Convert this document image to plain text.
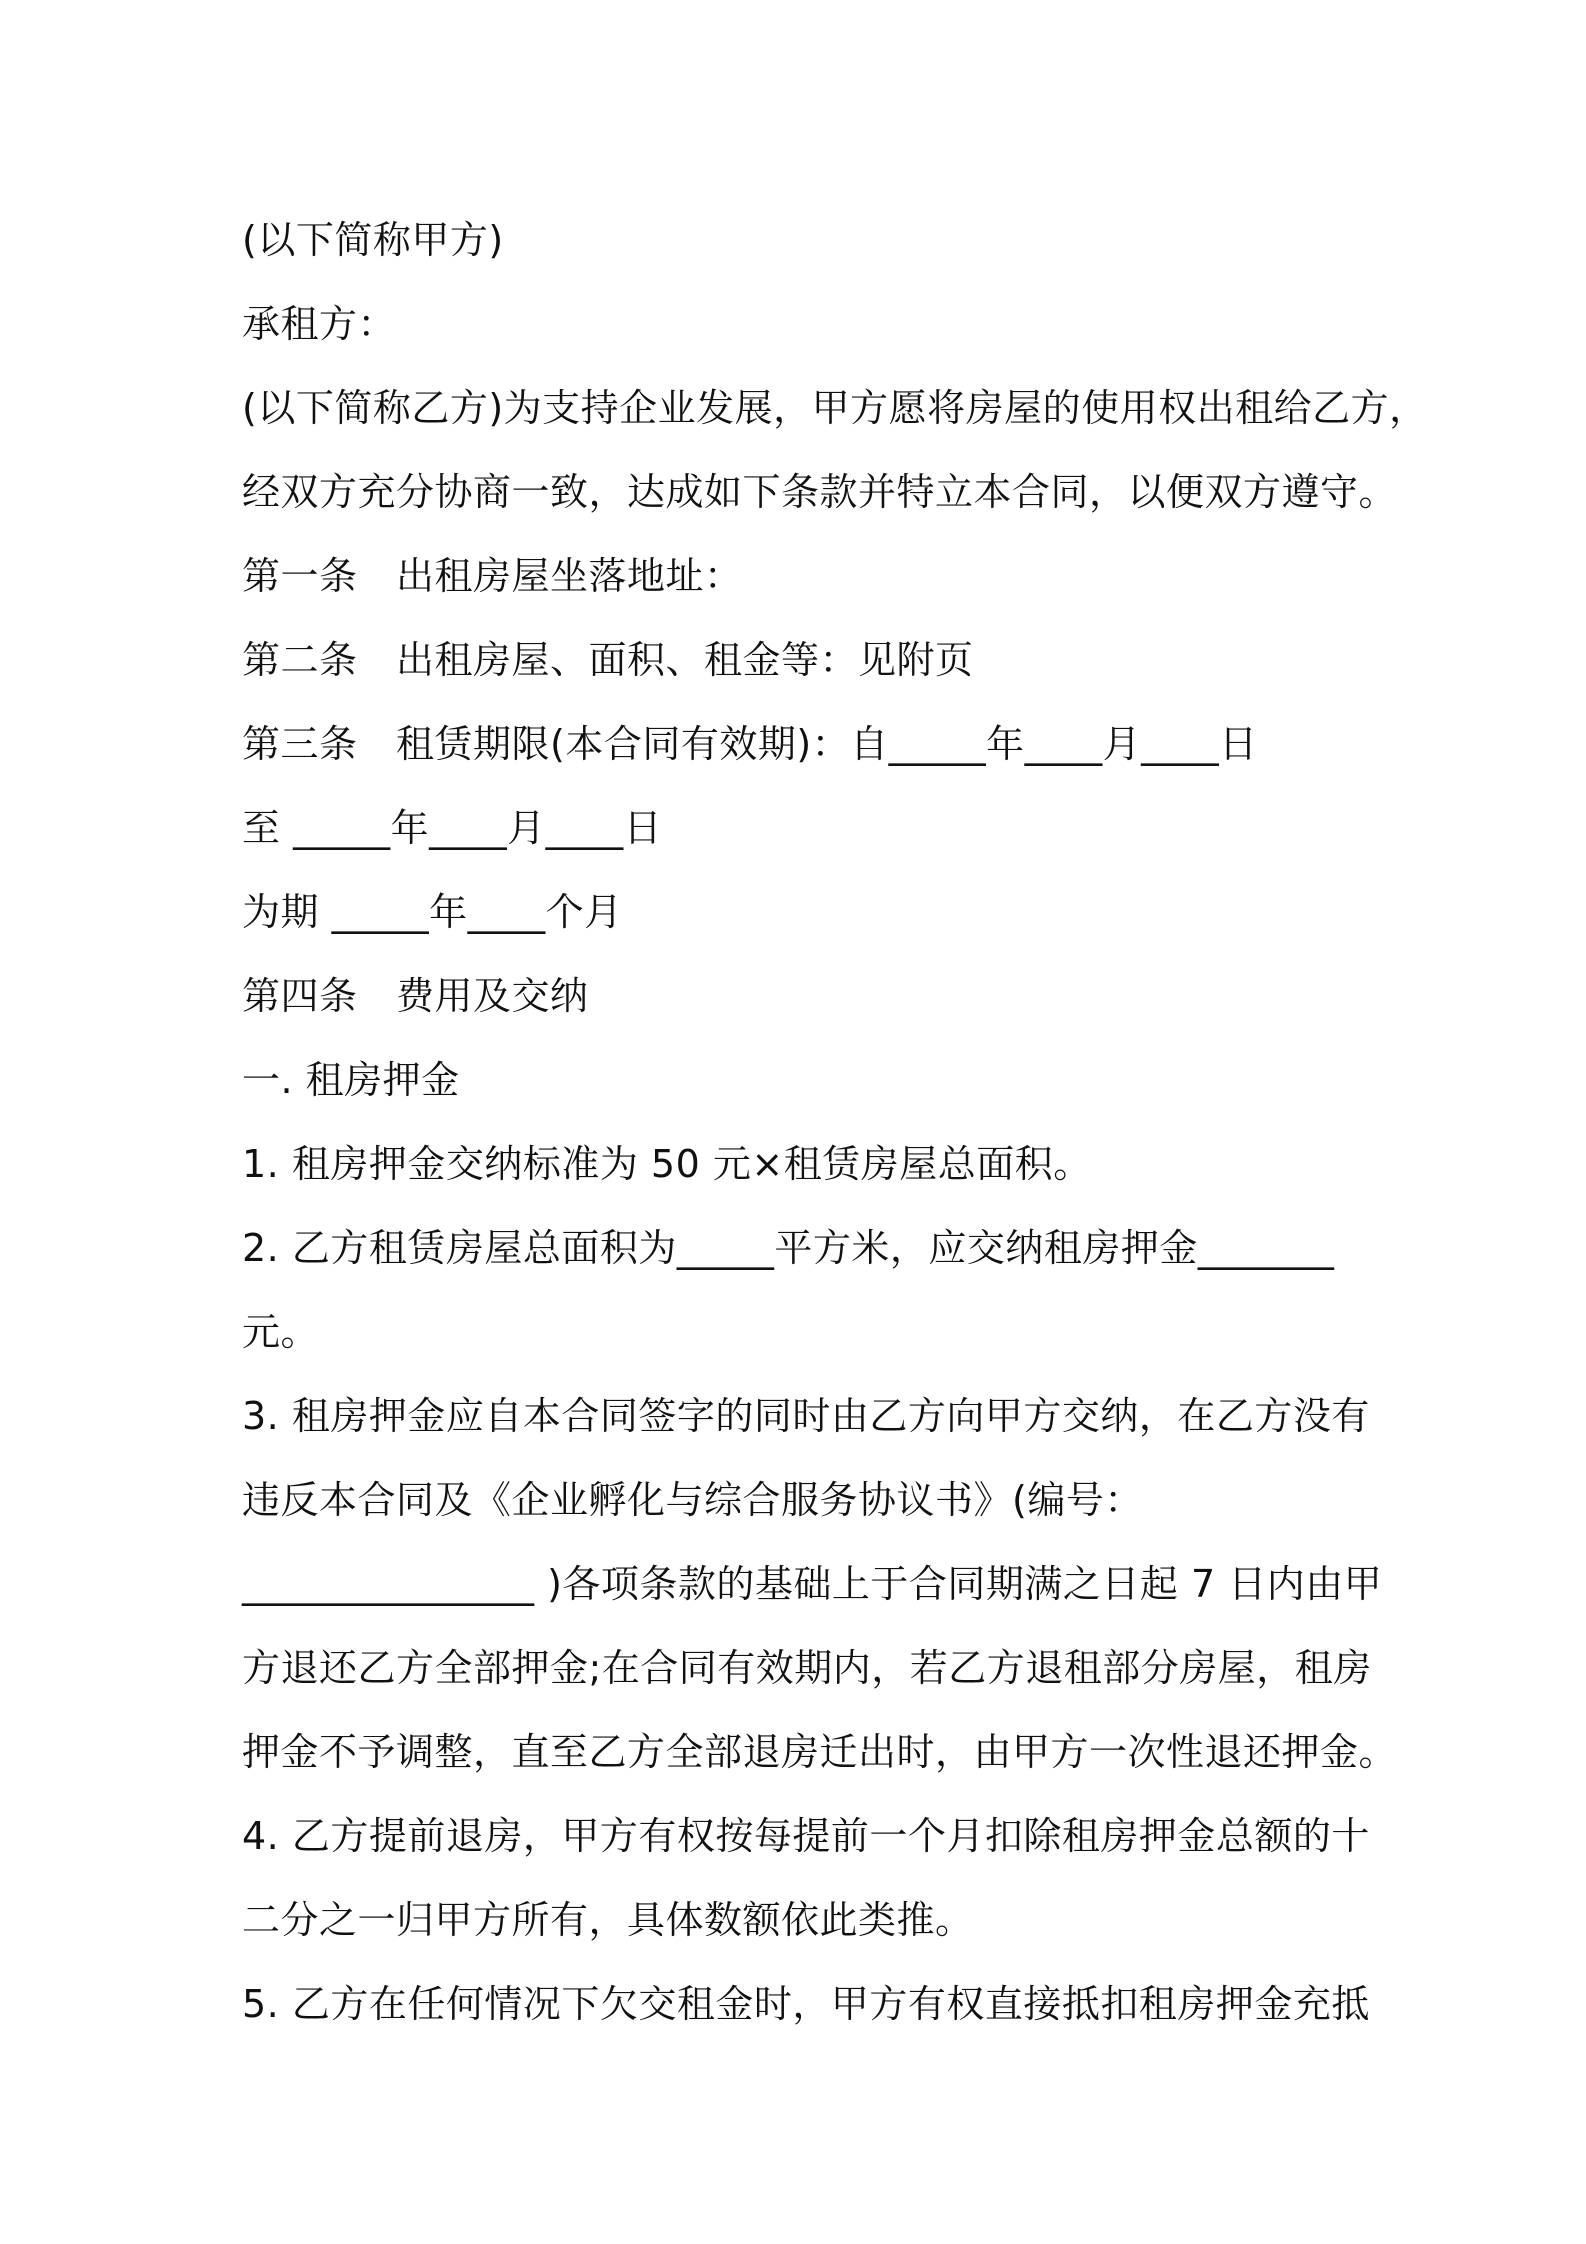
(以下简称甲方)
承租方：
(以下简称乙方)为支持企业发展，甲方愿将房屋的使用权出租给乙方，
经双方充分协商一致，达成如下条款并特立本合同，以便双方遵守。
第一条　出租房屋坐落地址：
第二条　出租房屋、面积、租金等：见附页
第三条　租赁期限(本合同有效期)：自_____年____月____日
至 _____年____月____日
为期 _____年____个月
第四条　费用及交纳
一. 租房押金
1. 租房押金交纳标准为 50 元×租赁房屋总面积。
2. 乙方租赁房屋总面积为_____平方米，应交纳租房押金_______
元。
3. 租房押金应自本合同签字的同时由乙方向甲方交纳，在乙方没有
违反本合同及《企业孵化与综合服务协议书》(编号：
_______________ )各项条款的基础上于合同期满之日起 7 日内由甲
方退还乙方全部押金;在合同有效期内，若乙方退租部分房屋，租房
押金不予调整，直至乙方全部退房迁出时，由甲方一次性退还押金。
4. 乙方提前退房，甲方有权按每提前一个月扣除租房押金总额的十
二分之一归甲方所有，具体数额依此类推。
5. 乙方在任何情况下欠交租金时，甲方有权直接抵扣租房押金充抵
